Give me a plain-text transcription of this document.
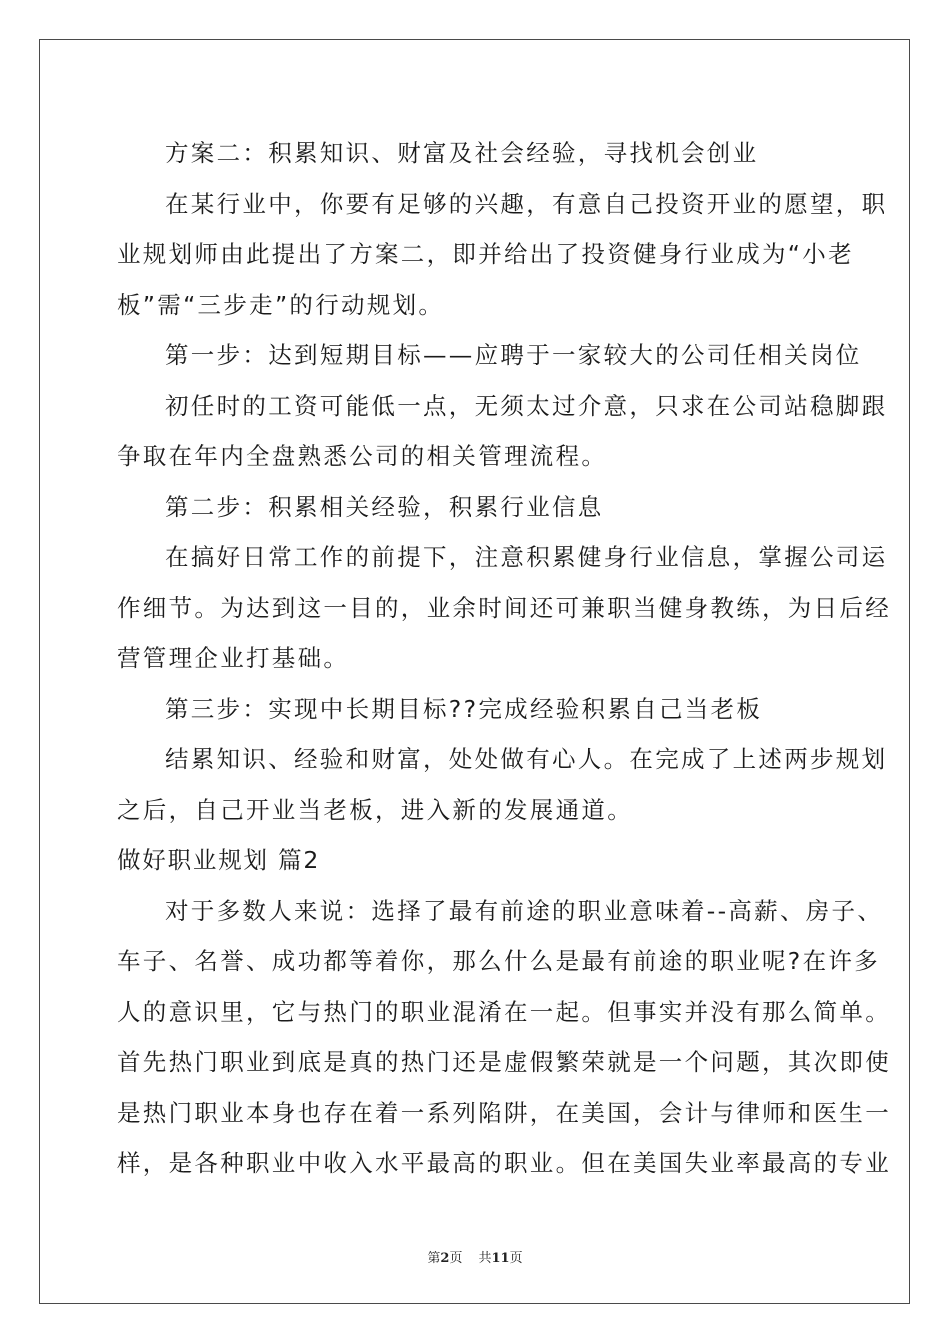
方案二：积累知识、财富及社会经验，寻找机会创业
在某行业中，你要有足够的兴趣，有意自己投资开业的愿望，职
业规划师由此提出了方案二，即并给出了投资健身行业成为“小老
板”需“三步走”的行动规划。
第一步：达到短期目标——应聘于一家较大的公司任相关岗位
初任时的工资可能低一点，无须太过介意，只求在公司站稳脚跟
争取在年内全盘熟悉公司的相关管理流程。
第二步：积累相关经验，积累行业信息
在搞好日常工作的前提下，注意积累健身行业信息，掌握公司运
作细节。为达到这一目的，业余时间还可兼职当健身教练，为日后经
营管理企业打基础。
第三步：实现中长期目标??完成经验积累自己当老板
结累知识、经验和财富，处处做有心人。在完成了上述两步规划
之后，自己开业当老板，进入新的发展通道。
做好职业规划 篇2
对于多数人来说：选择了最有前途的职业意味着--高薪、房子、
车子、名誉、成功都等着你，那么什么是最有前途的职业呢?在许多
人的意识里，它与热门的职业混淆在一起。但事实并没有那么简单。
首先热门职业到底是真的热门还是虚假繁荣就是一个问题，其次即使
是热门职业本身也存在着一系列陷阱，在美国，会计与律师和医生一
样，是各种职业中收入水平最高的职业。但在美国失业率最高的专业
第2页 共11页
